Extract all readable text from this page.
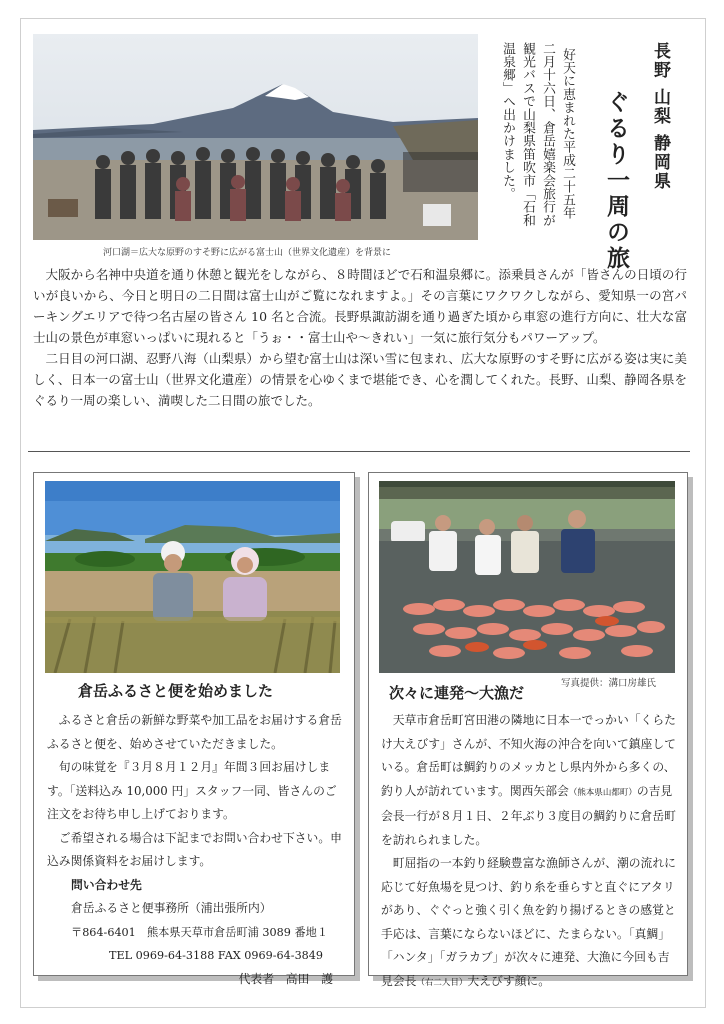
河口湖＝広大な原野のすそ野に広がる富士山（世界文化遺産）を背景に
好天に恵まれた平成二十五年
二月十六日、倉岳嬉楽会旅行が
観光バスで山梨県笛吹市「石和
温泉郷」へ出かけました。	長野 山梨 静岡県
ぐるり一周の旅

大阪から名神中央道を通り休憩と観光をしながら、８時間ほどで石和温泉郷に。添乗員さんが「皆さんの日頃の行いが良いから、今日と明日の二日間は富士山がご覧になれますよ。」その言葉にワクワクしながら、愛知県一の宮パーキングエリアで待つ名古屋の皆さん 10 名と合流。長野県諏訪湖を通り過ぎた頃から車窓の進行方向に、壮大な富士山の景色が車窓いっぱいに現れると「うぉ・・富士山や～きれい」一気に旅行気分もパワーアップ。

二日目の河口湖、忍野八海（山梨県）から望む富士山は深い雪に包まれ、広大な原野のすそ野に広がる姿は実に美しく、日本一の富士山（世界文化遺産）の情景を心ゆくまで堪能でき、心を潤してくれた。長野、山梨、静岡各県をぐるり一周の楽しい、満喫した二日間の旅でした。

倉岳ふるさと便を始めました

ふるさと倉岳の新鮮な野菜や加工品をお届けする倉岳ふるさと便を、始めさせていただきました。

旬の味覚を『３月８月１２月』年間３回お届けします。「送料込み 10,000 円」スタッフ一同、皆さんのご注文をお待ち申し上げております。

ご希望される場合は下記までお問い合わせ下さい。申込み関係資料をお届けします。

問い合わせ先

倉岳ふるさと便事務所（浦出張所内）

〒864-6401　熊本県天草市倉岳町浦 3089 番地１

TEL 0969-64-3188 FAX 0969-64-3849

代表者　高田　護

写真提供：溝口房雄氏
次々に連発～大漁だ

天草市倉岳町宮田港の隣地に日本一でっかい「くらたけ大えびす」さんが、不知火海の沖合を向いて鎮座している。倉岳町は鯛釣りのメッカとし県内外から多くの、釣り人が訪れています。関西矢部会（熊本県山都町）の吉見会長一行が８月１日、２年ぶり３度目の鯛釣りに倉岳町を訪れられました。

町屈指の一本釣り経験豊富な漁師さんが、潮の流れに応じて好魚場を見つけ、釣り糸を垂らすと直ぐにアタリがあり、ぐぐっと強く引く魚を釣り揚げるときの感覚と手応は、言葉にならないほどに、たまらない。「真鯛」「ハンタ」「ガラカブ」が次々に連発、大漁に今回も吉見会長（右二人目）大えびす顔に。
